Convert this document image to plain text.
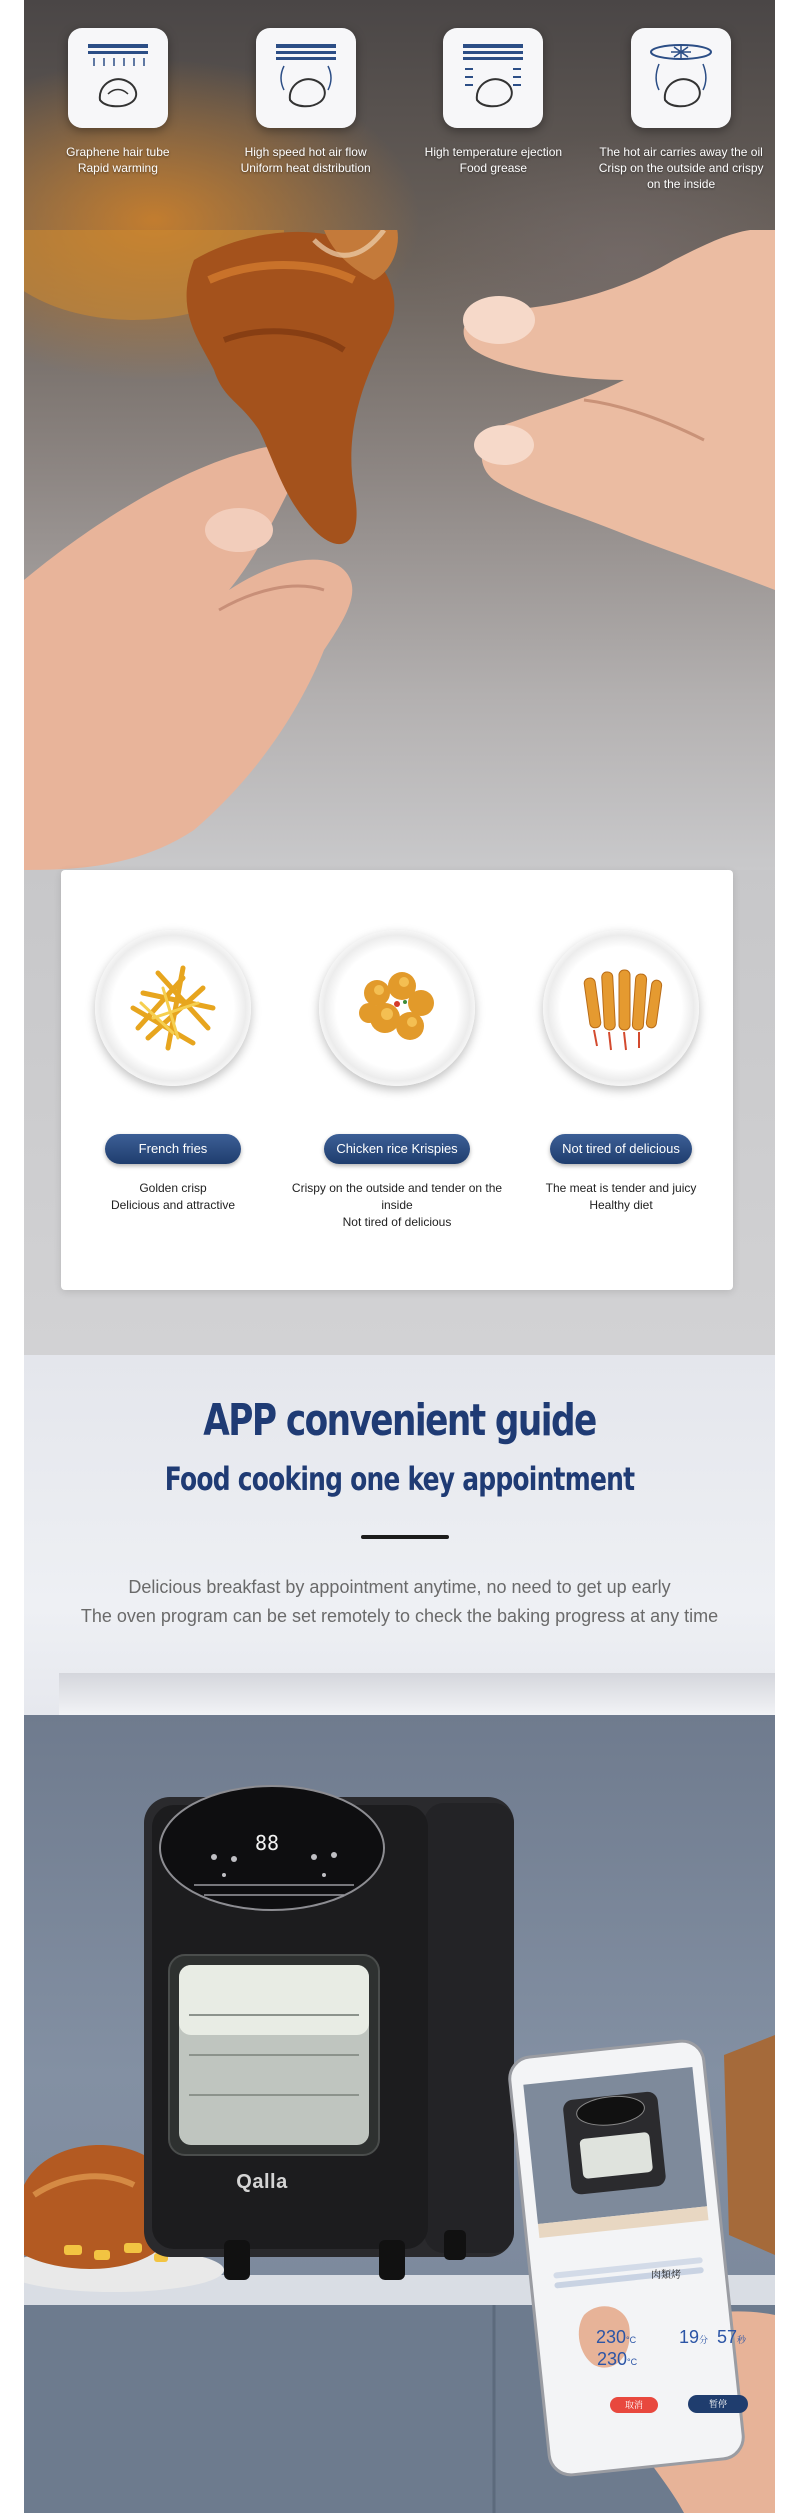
Graphene hair tube
Rapid warming
High speed hot air flow
Uniform heat distribution
High temperature ejection
Food grease
The hot air carries away the oil
Crisp on the outside and crispy
on the inside
French fries
Golden crisp
Delicious and attractive
Chicken rice Krispies
Crispy on the outside and tender on the inside
Not tired of delicious
Not tired of delicious
The meat is tender and juicy
Healthy diet
APP convenient guide
Food cooking one key appointment
Delicious breakfast by appointment anytime, no need to get up early
The oven program can be set remotely to check the baking progress at any time
88
Qalla
肉類烤
230°C
230°C
19分 57秒
取消	暂停
